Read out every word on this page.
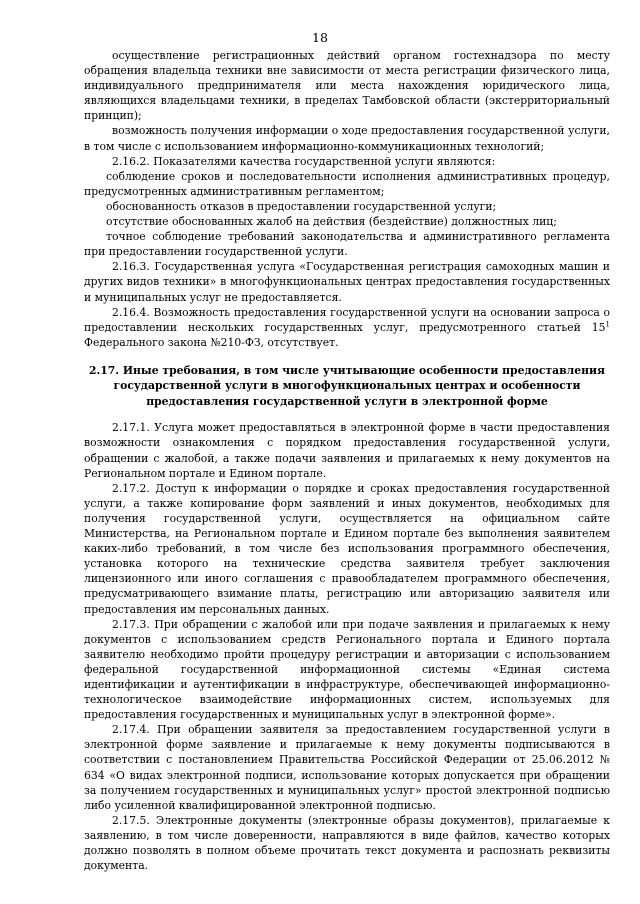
18

осуществление регистрационных действий органом гостехнадзора по месту обращения владельца техники вне зависимости от места регистрации физического лица, индивидуального предпринимателя или места нахождения юридического лица, являющихся владельцами техники, в пределах Тамбовской области (экстерриториальный принцип);

возможность получения информации о ходе предоставления государственной услуги, в том числе с использованием информационно-коммуникационных технологий;

2.16.2. Показателями качества государственной услуги являются:

соблюдение сроков и последовательности исполнения административных процедур, предусмотренных административным регламентом;

обоснованность отказов в предоставлении государственной услуги;

отсутствие обоснованных жалоб на действия (бездействие) должностных лиц;

точное соблюдение требований законодательства и административного регламента при предоставлении государственной услуги.

2.16.3. Государственная услуга «Государственная регистрация самоходных машин и других видов техники» в многофункциональных центрах предоставления государственных и муниципальных услуг не предоставляется.

2.16.4. Возможность предоставления государственной услуги на основании запроса о предоставлении нескольких государственных услуг, предусмотренного статьей $15^1$ Федерального закона №210-ФЗ, отсутствует.

2.17. Иные требования, в том числе учитывающие особенности предоставления государственной услуги в многофункциональных центрах и особенности предоставления государственной услуги в электронной форме

2.17.1. Услуга может предоставляться в электронной форме в части предоставления возможности ознакомления с порядком предоставления государственной услуги, обращении с жалобой, а также подачи заявления и прилагаемых к нему документов на Региональном портале и Едином портале.

2.17.2. Доступ к информации о порядке и сроках предоставления государственной услуги, а также копирование форм заявлений и иных документов, необходимых для получения государственной услуги, осуществляется на официальном сайте Министерства, на Региональном портале и Едином портале без выполнения заявителем каких-либо требований, в том числе без использования программного обеспечения, установка которого на технические средства заявителя требует заключения лицензионного или иного соглашения с правообладателем программного обеспечения, предусматривающего взимание платы, регистрацию или авторизацию заявителя или предоставления им персональных данных.

2.17.3. При обращении с жалобой или при подаче заявления и прилагаемых к нему документов с использованием средств Регионального портала и Единого портала заявителю необходимо пройти процедуру регистрации и авторизации с использованием федеральной государственной информационной системы «Единая система идентификации и аутентификации в инфраструктуре, обеспечивающей информационно-технологическое взаимодействие информационных систем, используемых для предоставления государственных и муниципальных услуг в электронной форме».

2.17.4. При обращении заявителя за предоставлением государственной услуги в электронной форме заявление и прилагаемые к нему документы подписываются в соответствии с постановлением Правительства Российской Федерации от 25.06.2012 № 634 «О видах электронной подписи, использование которых допускается при обращении за получением государственных и муниципальных услуг» простой электронной подписью либо усиленной квалифицированной электронной подписью.

2.17.5. Электронные документы (электронные образы документов), прилагаемые к заявлению, в том числе доверенности, направляются в виде файлов, качество которых должно позволять в полном объеме прочитать текст документа и распознать реквизиты документа.
